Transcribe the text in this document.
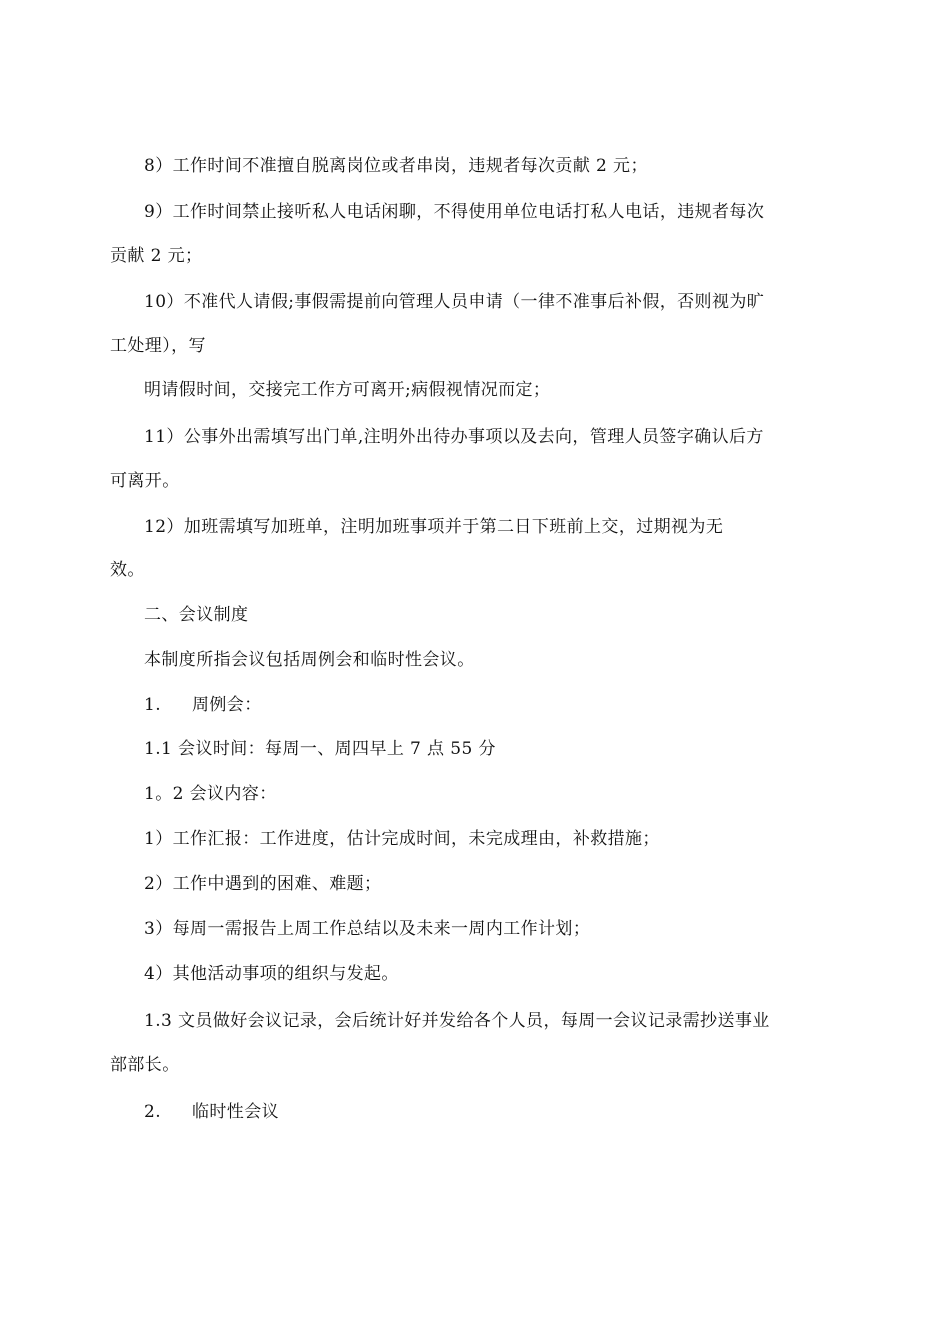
8）工作时间不准擅自脱离岗位或者串岗，违规者每次贡献 2 元；
9）工作时间禁止接听私人电话闲聊，不得使用单位电话打私人电话，违规者每次
贡献 2 元；
10）不准代人请假;事假需提前向管理人员申请（一律不准事后补假，否则视为旷
工处理），写
明请假时间，交接完工作方可离开;病假视情况而定；
11）公事外出需填写出门单,注明外出待办事项以及去向，管理人员签字确认后方
可离开。
12）加班需填写加班单，注明加班事项并于第二日下班前上交，过期视为无
效。
二、会议制度
本制度所指会议包括周例会和临时性会议。
1.周例会：
1.1 会议时间：每周一、周四早上 7 点 55 分
1。2 会议内容：
1）工作汇报：工作进度，估计完成时间，未完成理由，补救措施；
2）工作中遇到的困难、难题；
3）每周一需报告上周工作总结以及未来一周内工作计划；
4）其他活动事项的组织与发起。
1.3 文员做好会议记录，会后统计好并发给各个人员，每周一会议记录需抄送事业
部部长。
2.临时性会议
